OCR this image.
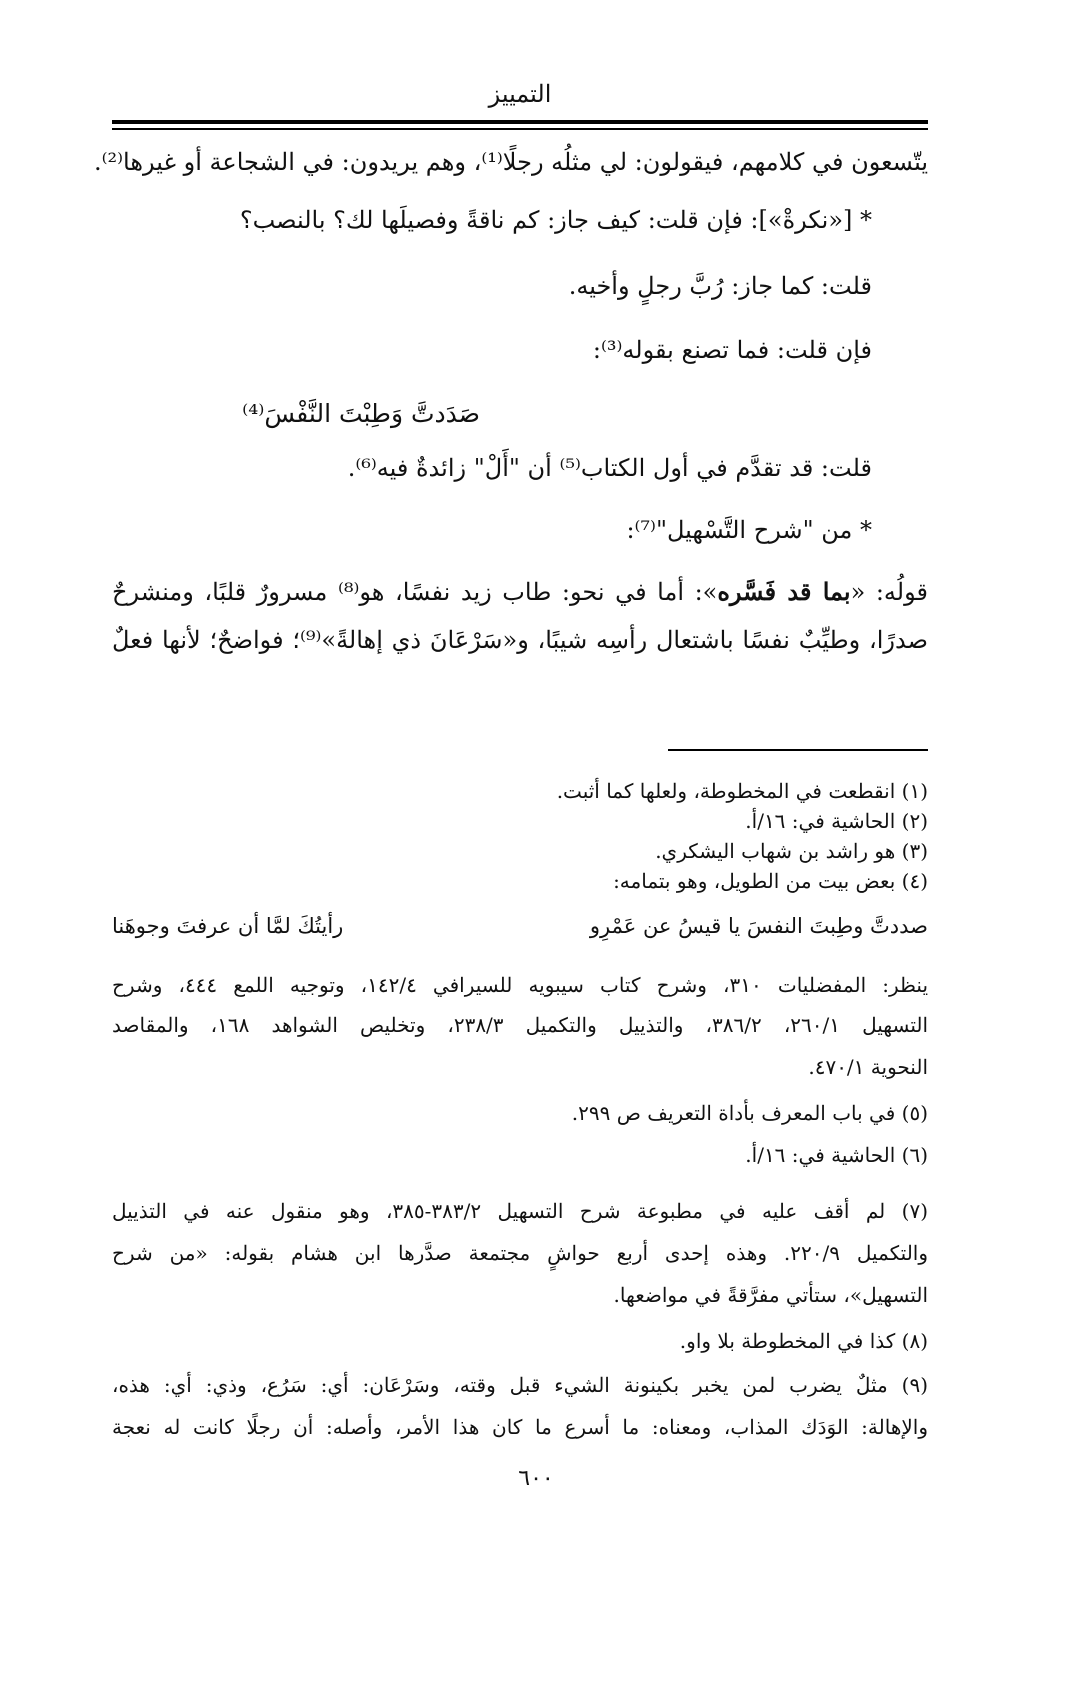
التمييز
يتّسعون في كلامهم، فيقولون: لي مثلُه رجلًا⁽¹⁾، وهم يريدون: في الشجاعة أو غيرها⁽²⁾.
* [«نكرةْ»]: فإن قلت: كيف جاز: كم ناقةً وفصيلَها لك؟ بالنصب؟
قلت: كما جاز: رُبَّ رجلٍ وأخيه.
فإن قلت: فما تصنع بقوله⁽³⁾:
صَدَدتَّ وَطِبْتَ النَّفْسَ⁽⁴⁾
قلت: قد تقدَّم في أول الكتاب⁽⁵⁾ أن "أَلْ" زائدةٌ فيه⁽⁶⁾.
* من "شرح التَّسْهيل"⁽⁷⁾:
قولُه: «بما قد فَسَّره»: أما في نحو: طاب زيد نفسًا، هو⁽⁸⁾ مسرورٌ قلبًا، ومنشرحٌ
صدرًا، وطيِّبٌ نفسًا باشتعال رأسِه شيبًا، و«سَرْعَانَ ذي إهالةً»⁽⁹⁾؛ فواضحٌ؛ لأنها فعلٌ
(١) انقطعت في المخطوطة، ولعلها كما أثبت.
(٢) الحاشية في: ١٦/أ.
(٣) هو راشد بن شهاب اليشكري.
(٤) بعض بيت من الطويل، وهو بتمامه:
صددتَّ وطِبتَ النفسَ يا قيسُ عن عَمْرِو
رأيتُكَ لمَّا أن عرفتَ وجوهَنا
ينظر: المفضليات ٣١٠، وشرح كتاب سيبويه للسيرافي ١٤٢/٤، وتوجيه اللمع ٤٤٤، وشرح
التسهيل ٢٦٠/١، ٣٨٦/٢، والتذييل والتكميل ٢٣٨/٣، وتخليص الشواهد ١٦٨، والمقاصد
النحوية ٤٧٠/١.
(٥) في باب المعرف بأداة التعريف ص ٢٩٩.
(٦) الحاشية في: ١٦/أ.
(٧) لم أقف عليه في مطبوعة شرح التسهيل ٣٨٣/٢-٣٨٥، وهو منقول عنه في التذييل
والتكميل ٢٢٠/٩. وهذه إحدى أربع حواشٍ مجتمعة صدَّرها ابن هشام بقوله: «من شرح
التسهيل»، ستأتي مفرَّقةً في مواضعها.
(٨) كذا في المخطوطة بلا واو.
(٩) مثلٌ يضرب لمن يخبر بكينونة الشيء قبل وقته، وسَرْعَان: أي: سَرُع، وذي: أي: هذه،
والإهالة: الوَدَك المذاب، ومعناه: ما أسرع ما كان هذا الأمر، وأصله: أن رجلًا كانت له نعجة
٦٠٠
